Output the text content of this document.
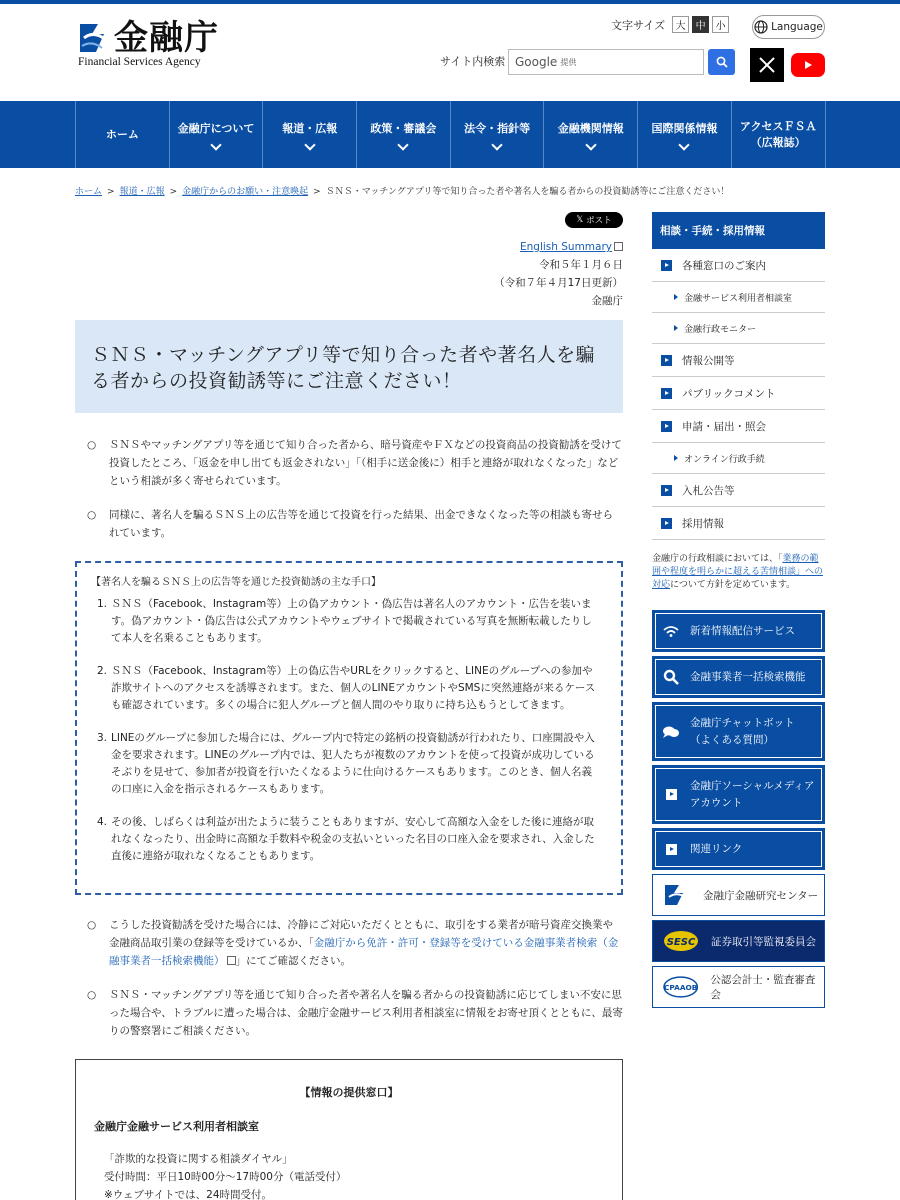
金融庁
Financial Services Agency
文字サイズ	大	中	小	Language
サイト内検索 Google 提供
ホーム	金融庁について	報道・広報	政策・審議会	法令・指針等	金融機関情報	国際関係情報 アクセスＦＳＡ
（広報誌）
ホーム > 報道・広報 > 金融庁からのお願い・注意喚起 > ＳＮＳ・マッチングアプリ等で知り合った者や著名人を騙る者からの投資勧誘等にご注意ください！
𝕏 ポスト
English Summary
令和５年１月６日
（令和７年４月17日更新）
金融庁
ＳＮＳ・マッチングアプリ等で知り合った者や著名人を騙る者からの投資勧誘等にご注意ください！
○ ＳＮＳやマッチングアプリ等を通じて知り合った者から、暗号資産やＦＸなどの投資商品の投資勧誘を受けて投資したところ、「返金を申し出ても返金されない」「（相手に送金後に）相手と連絡が取れなくなった」などという相談が多く寄せられています。
○ 同様に、著名人を騙るＳＮＳ上の広告等を通じて投資を行った結果、出金できなくなった等の相談も寄せられています。
【著名人を騙るＳＮＳ上の広告等を通じた投資勧誘の主な手口】
1. ＳＮＳ（Facebook、Instagram等）上の偽アカウント・偽広告は著名人のアカウント・広告を装います。偽アカウント・偽広告は公式アカウントやウェブサイトで掲載されている写真を無断転載したりして本人を名乗ることもあります。
2. ＳＮＳ（Facebook、Instagram等）上の偽広告やURLをクリックすると、LINEのグループへの参加や詐欺サイトへのアクセスを誘導されます。また、個人のLINEアカウントやSMSに突然連絡が来るケースも確認されています。多くの場合に犯人グループと個人間のやり取りに持ち込もうとしてきます。
3. LINEのグループに参加した場合には、グループ内で特定の銘柄の投資勧誘が行われたり、口座開設や入金を要求されます。LINEのグループ内では、犯人たちが複数のアカウントを使って投資が成功しているそぶりを見せて、参加者が投資を行いたくなるように仕向けるケースもあります。このとき、個人名義の口座に入金を指示されるケースもあります。
4. その後、しばらくは利益が出たように装うこともありますが、安心して高額な入金をした後に連絡が取れなくなったり、出金時に高額な手数料や税金の支払いといった名目の口座入金を要求され、入金した直後に連絡が取れなくなることもあります。
○ こうした投資勧誘を受けた場合には、冷静にご対応いただくとともに、取引をする業者が暗号資産交換業や金融商品取引業の登録等を受けているか、「金融庁から免許・許可・登録等を受けている金融事業者検索（金融事業者一括検索機能） 」にてご確認ください。
○ ＳＮＳ・マッチングアプリ等を通じて知り合った者や著名人を騙る者からの投資勧誘に応じてしまい不安に思った場合や、トラブルに遭った場合は、金融庁金融サービス利用者相談室に情報をお寄せ頂くとともに、最寄りの警察署にご相談ください。
【情報の提供窓口】
金融庁金融サービス利用者相談室
「詐欺的な投資に関する相談ダイヤル」
受付時間：平日10時00分～17時00分（電話受付）
※ウェブサイトでは、24時間受付。
相談・手続・採用情報
各種窓口のご案内
金融サービス利用者相談室
金融行政モニター
情報公開等
パブリックコメント
申請・届出・照会
オンライン行政手続
入札公告等
採用情報
金融庁の行政相談においては、「業務の範囲や程度を明らかに超える苦情相談」への対応について方針を定めています。
新着情報配信サービス
金融事業者一括検索機能
金融庁チャットボット
（よくある質問）
金融庁ソーシャルメディア
アカウント
関連リンク
金融庁金融研究センター
SESC 証券取引等監視委員会
CPAAOB
公認会計士・監査審査会
